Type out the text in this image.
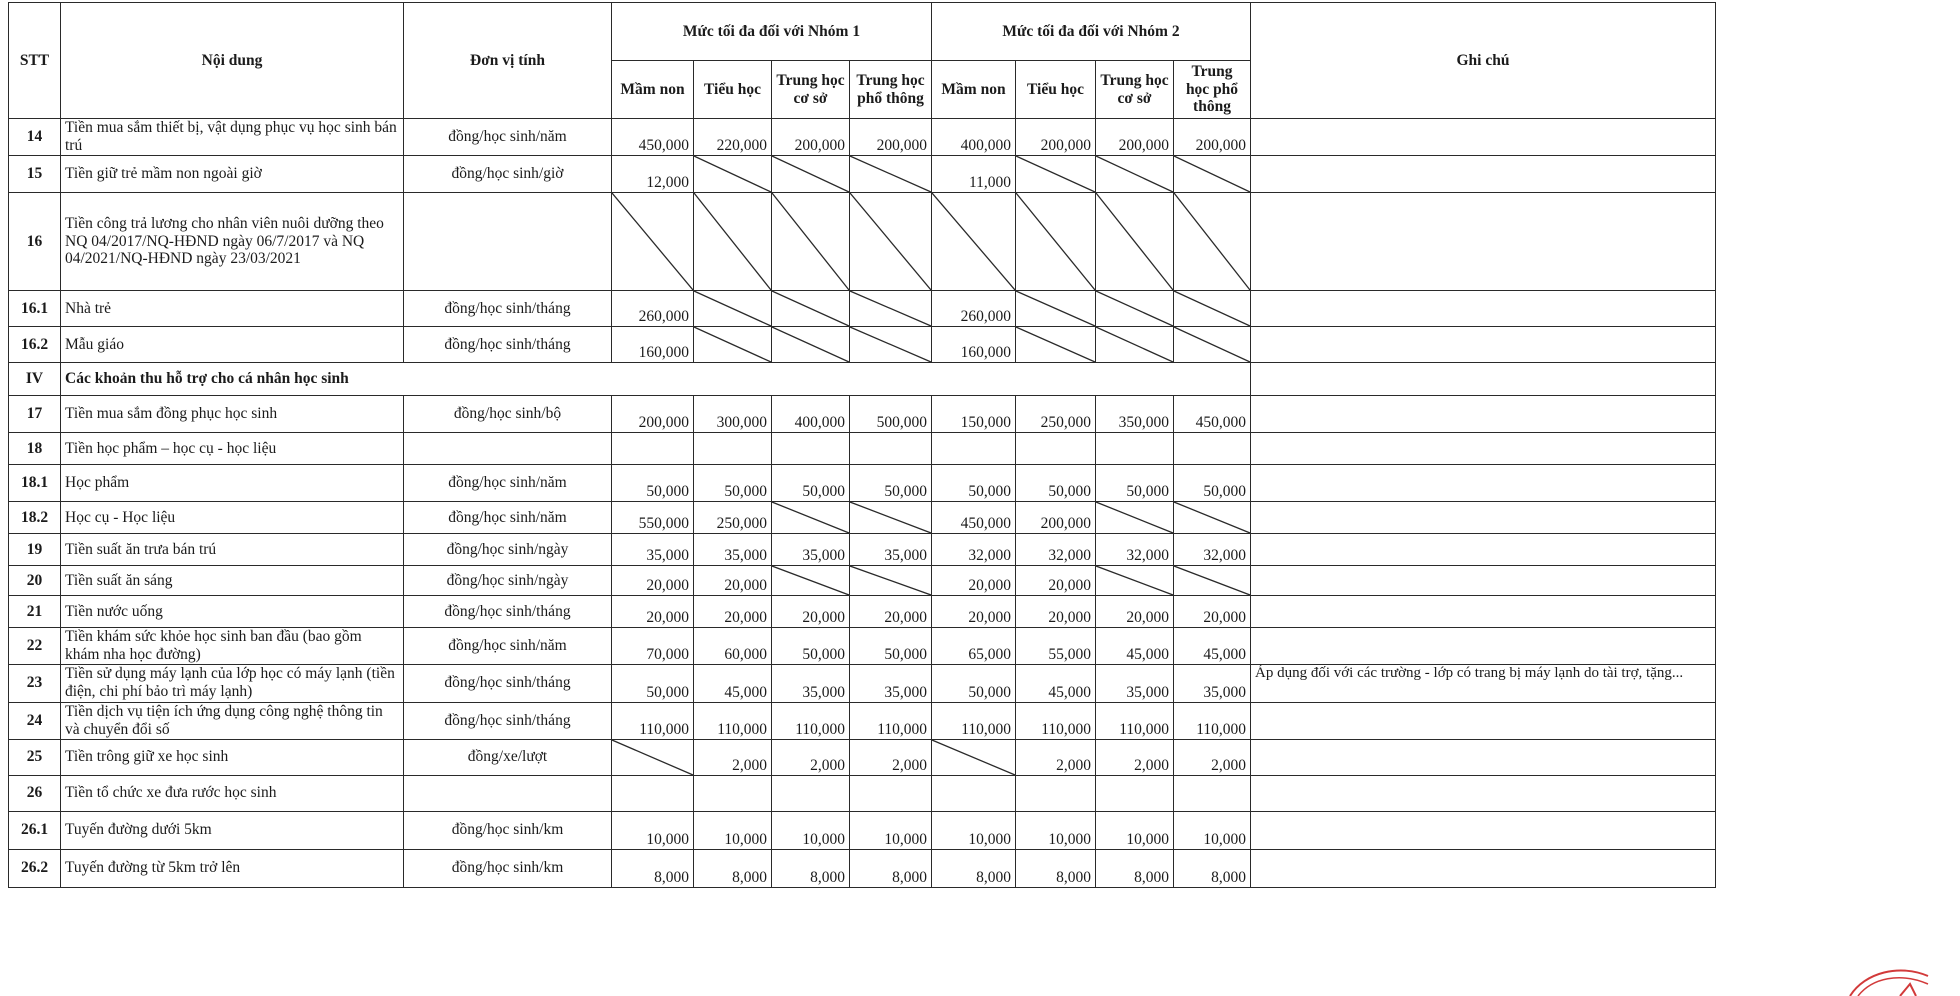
STT	Nội dung	Đơn vị tính	Mức tối đa đối với Nhóm 1				Mức tối đa đối với Nhóm 2				Ghi chú
			Mầm non	Tiểu học	Trung học cơ sở	Trung học phổ thông	Mầm non	Tiểu học	Trung học cơ sở	Trung học phổ thông	
14	Tiền mua sắm thiết bị, vật dụng phục vụ học sinh bán trú	đồng/học sinh/năm	450,000	220,000	200,000	200,000	400,000	200,000	200,000	200,000	
15	Tiền giữ trẻ mầm non ngoài giờ	đồng/học sinh/giờ	12,000				11,000	

16	Tiền công trả lương cho nhân viên nuôi dưỡng theo NQ 04/2017/NQ-HĐND ngày 06/7/2017 và NQ 04/2021/NQ-HĐND ngày 23/03/2021		

16.1	Nhà trẻ	đồng/học sinh/tháng	260,000				260,000	

16.2	Mẫu giáo	đồng/học sinh/tháng	160,000				160,000	

IV	Các khoản thu hỗ trợ cho cá nhân học sinh										
17	Tiền mua sắm đồng phục học sinh	đồng/học sinh/bộ	200,000	300,000	400,000	500,000	150,000	250,000	350,000	450,000	
18	Tiền học phẩm – học cụ - học liệu										
18.1	Học phẩm	đồng/học sinh/năm	50,000	50,000	50,000	50,000	50,000	50,000	50,000	50,000	
18.2	Học cụ - Học liệu	đồng/học sinh/năm	550,000	250,000			450,000	200,000	

19	Tiền suất ăn trưa bán trú	đồng/học sinh/ngày	35,000	35,000	35,000	35,000	32,000	32,000	32,000	32,000	
20	Tiền suất ăn sáng	đồng/học sinh/ngày	20,000	20,000			20,000	20,000	

21	Tiền nước uống	đồng/học sinh/tháng	20,000	20,000	20,000	20,000	20,000	20,000	20,000	20,000	
22	Tiền khám sức khỏe học sinh ban đầu (bao gồm khám nha học đường)	đồng/học sinh/năm	70,000	60,000	50,000	50,000	65,000	55,000	45,000	45,000	
23	Tiền sử dụng máy lạnh của lớp học có máy lạnh (tiền điện, chi phí bảo trì máy lạnh)	đồng/học sinh/tháng	50,000	45,000	35,000	35,000	50,000	45,000	35,000	35,000	Áp dụng đối với các trường - lớp có trang bị máy lạnh do tài trợ, tặng...
24	Tiền dịch vụ tiện ích ứng dụng công nghệ thông tin và chuyển đổi số	đồng/học sinh/tháng	110,000	110,000	110,000	110,000	110,000	110,000	110,000	110,000	
25	Tiền trông giữ xe học sinh	đồng/xe/lượt		2,000	2,000	2,000		2,000	2,000	2,000	
26	Tiền tổ chức xe đưa rước học sinh										
26.1	Tuyến đường dưới 5km	đồng/học sinh/km	10,000	10,000	10,000	10,000	10,000	10,000	10,000	10,000	
26.2	Tuyến đường từ 5km trở lên	đồng/học sinh/km	8,000	8,000	8,000	8,000	8,000	8,000	8,000	8,000	
